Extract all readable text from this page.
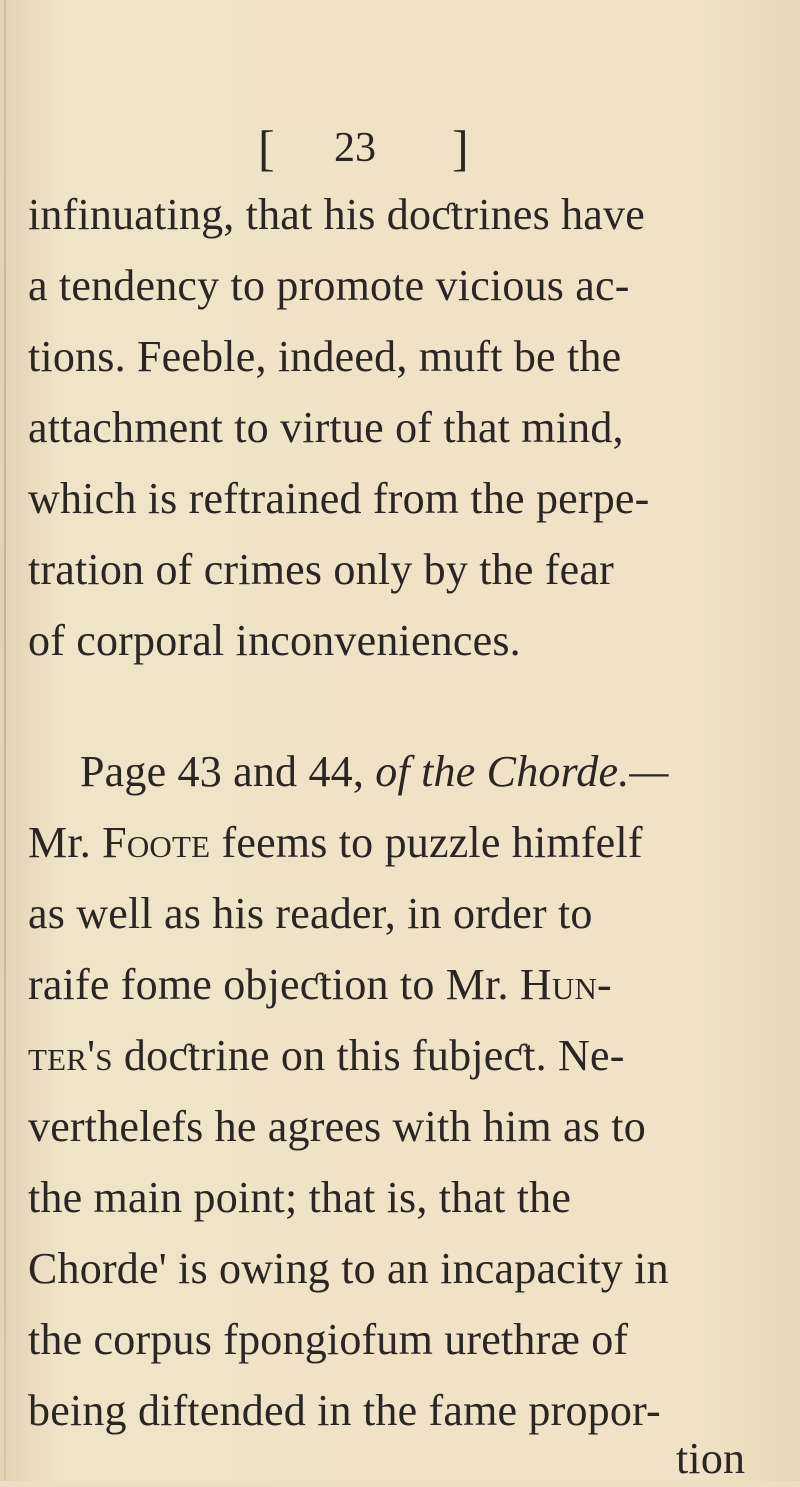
[ 23 ]
infinuating, that his doƈtrines have
a tendency to promote vicious ac-
tions. Feeble, indeed, muft be the
attachment to virtue of that mind,
which is reftrained from the perpe-
tration of crimes only by the fear
of corporal inconveniences.
Page 43 and 44, of the Chorde.—
Mr. Foote feems to puzzle himfelf
as well as his reader, in order to
raife fome objeƈtion to Mr. Hun-
ter's doƈtrine on this fubjeƈt. Ne-
verthelefs he agrees with him as to
the main point; that is, that the
Chorde' is owing to an incapacity in
the corpus fpongiofum urethræ of
being diftended in the fame propor-
tion
